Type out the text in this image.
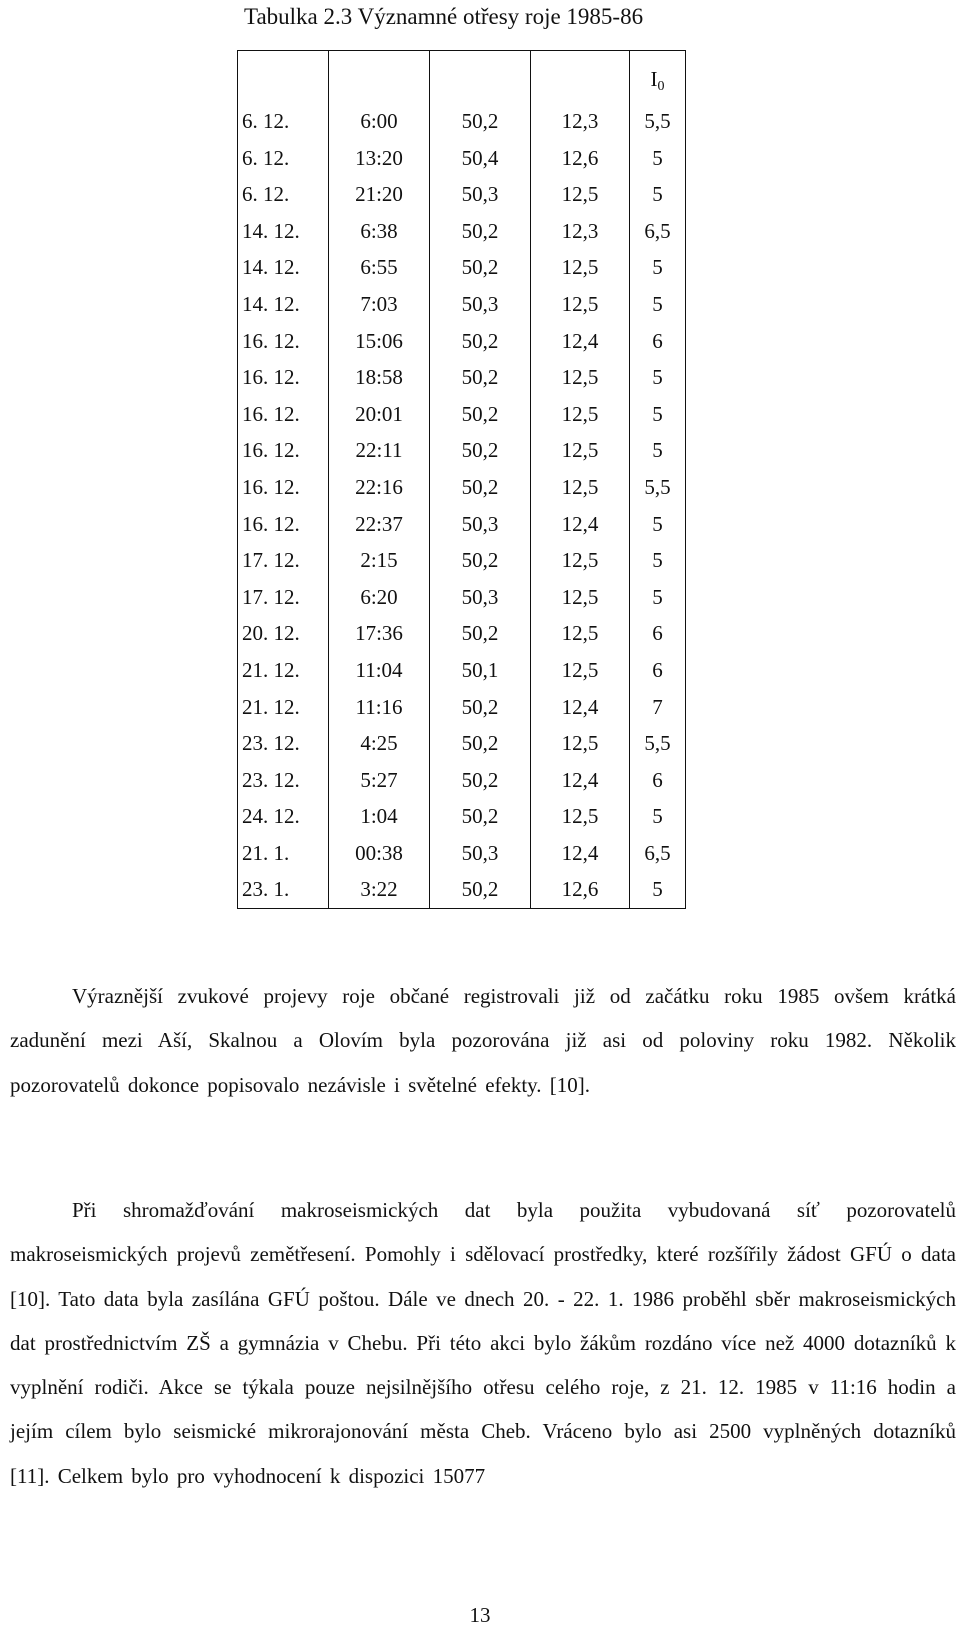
Tabulka 2.3 Významné otřesy roje 1985-86
				$I_0$
6. 12.	6:00	50,2	12,3	5,5
6. 12.	13:20	50,4	12,6	5
6. 12.	21:20	50,3	12,5	5
14. 12.	6:38	50,2	12,3	6,5
14. 12.	6:55	50,2	12,5	5
14. 12.	7:03	50,3	12,5	5
16. 12.	15:06	50,2	12,4	6
16. 12.	18:58	50,2	12,5	5
16. 12.	20:01	50,2	12,5	5
16. 12.	22:11	50,2	12,5	5
16. 12.	22:16	50,2	12,5	5,5
16. 12.	22:37	50,3	12,4	5
17. 12.	2:15	50,2	12,5	5
17. 12.	6:20	50,3	12,5	5
20. 12.	17:36	50,2	12,5	6
21. 12.	11:04	50,1	12,5	6
21. 12.	11:16	50,2	12,4	7
23. 12.	4:25	50,2	12,5	5,5
23. 12.	5:27	50,2	12,4	6
24. 12.	1:04	50,2	12,5	5
21. 1.	00:38	50,3	12,4	6,5
23. 1.	3:22	50,2	12,6	5

Výraznější zvukové projevy roje občané registrovali již od začátku roku 1985 ovšem krátká zadunění mezi Aší, Skalnou a Olovím byla pozorována již asi od poloviny roku 1982. Několik pozorovatelů dokonce popisovalo nezávisle i světelné efekty. [10].

Při shromažďování makroseismických dat byla použita vybudovaná síť pozorovatelů makroseismických projevů zemětřesení. Pomohly i sdělovací prostředky, které rozšířily žádost GFÚ o data [10]. Tato data byla zasílána GFÚ poštou. Dále ve dnech 20. - 22. 1. 1986 proběhl sběr makroseismických dat prostřednictvím ZŠ a gymnázia v Chebu. Při této akci bylo žákům rozdáno více než 4000 dotazníků k vyplnění rodiči. Akce se týkala pouze nejsilnějšího otřesu celého roje, z 21. 12. 1985 v 11:16 hodin a jejím cílem bylo seismické mikrorajonování města Cheb. Vráceno bylo asi 2500 vyplněných dotazníků [11]. Celkem bylo pro vyhodnocení k dispozici 15077

13
